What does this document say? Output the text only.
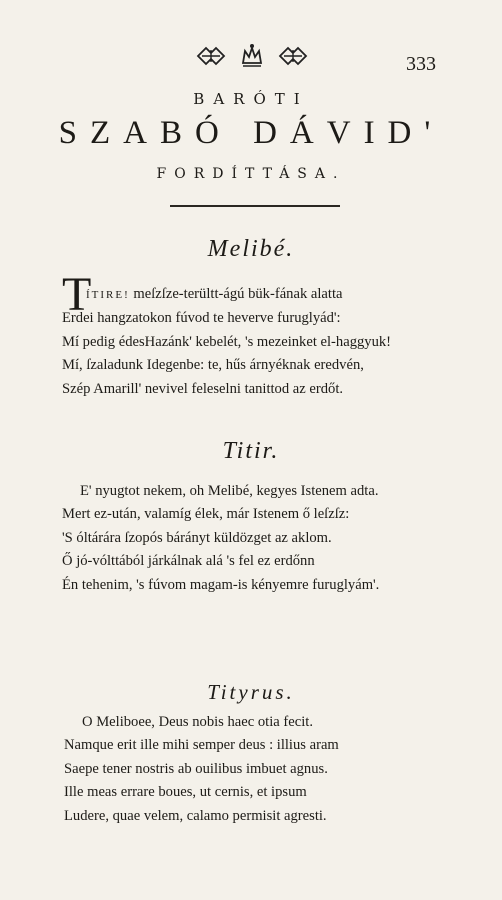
333
BARÓTI
SZABÓ DÁVID'
FORDÍTTÁSA.
Melibé.
T
ÍTIRE! meſzſze-terültt-ágú bük-fának alatta
Erdei hangzatokon fúvod te heverve furuglyád':
Mí pedig édesHazánk' kebelét, 's mezeinket el-haggyuk!
Mí, ſzaladunk Idegenbe: te, hűs árnyéknak eredvén,
Szép Amarill' nevivel feleselni tanittod az erdőt.
Titir.
E' nyugtot nekem, oh Melibé, kegyes Istenem adta.
Mert ez-után, valamíg élek, már Istenem ő leſzſz:
'S óltárára ſzopós bárányt küldözget az aklom.
Ő jó-vólttából járkálnak alá 's fel ez erdőnn
Én tehenim, 's fúvom magam-is kényemre furuglyám'.
Tityrus.
O Meliboee, Deus nobis haec otia fecit.
Namque erit ille mihi semper deus : illius aram
Saepe tener nostris ab ouilibus imbuet agnus.
Ille meas errare boues, ut cernis, et ipsum
Ludere, quae velem, calamo permisit agresti.
